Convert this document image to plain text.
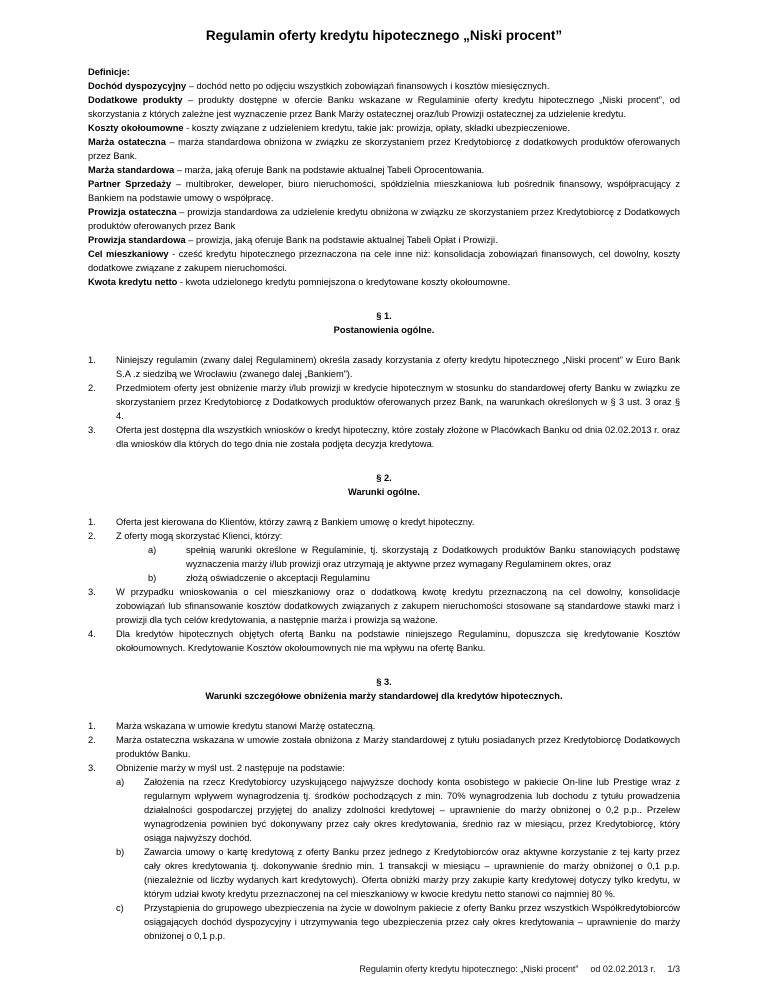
Regulamin oferty kredytu hipotecznego „Niski procent”

Definicje:

Dochód dyspozycyjny – dochód netto po odjęciu wszystkich zobowiązań finansowych i kosztów miesięcznych.

Dodatkowe produkty – produkty dostępne w ofercie Banku wskazane w Regulaminie oferty kredytu hipotecznego „Niski procent”, od skorzystania z których zależne jest wyznaczenie przez Bank Marży ostatecznej oraz/lub Prowizji ostatecznej za udzielenie kredytu.

Koszty okołoumowne - koszty związane z udzieleniem kredytu, takie jak: prowizja, opłaty, składki ubezpieczeniowe.

Marża ostateczna – marża standardowa obniżona w związku ze skorzystaniem przez Kredytobiorcę z dodatkowych produktów oferowanych przez Bank.

Marża standardowa – marża, jaką oferuje Bank na podstawie aktualnej Tabeli Oprocentowania.

Partner Sprzedaży – multibroker, deweloper, biuro nieruchomości, spółdzielnia mieszkaniowa lub pośrednik finansowy, współpracujący z Bankiem na podstawie umowy o współpracę.

Prowizja ostateczna – prowizja standardowa za udzielenie kredytu obniżona w związku ze skorzystaniem przez Kredytobiorcę z Dodatkowych produktów oferowanych przez Bank

Prowizja standardowa – prowizja, jaką oferuje Bank na podstawie aktualnej Tabeli Opłat i Prowizji.

Cel mieszkaniowy - cześć kredytu hipotecznego przeznaczona na cele inne niż: konsolidacja zobowiązań finansowych, cel dowolny, koszty dodatkowe związane z zakupem nieruchomości.

Kwota kredytu netto - kwota udzielonego kredytu pomniejszona o kredytowane koszty okołoumowne.

§ 1.
Postanowienia ogólne.
1. Niniejszy regulamin (zwany dalej Regulaminem) określa zasady korzystania z oferty kredytu hipotecznego „Niski procent” w Euro Bank S.A .z siedzibą we Wrocławiu (zwanego dalej „Bankiem”).
2. Przedmiotem oferty jest obniżenie marży i/lub prowizji w kredycie hipotecznym w stosunku do standardowej oferty Banku w związku ze skorzystaniem przez Kredytobiorcę z Dodatkowych produktów oferowanych przez Bank, na warunkach określonych w § 3 ust. 3 oraz § 4.
3. Oferta jest dostępna dla wszystkich wniosków o kredyt hipoteczny, które zostały złożone w Placówkach Banku od dnia 02.02.2013 r. oraz dla wniosków dla których do tego dnia nie została podjęta decyzja kredytowa.
§ 2.
Warunki ogólne.
1. Oferta jest kierowana do Klientów, którzy zawrą z Bankiem umowę o kredyt hipoteczny.
2. Z oferty mogą skorzystać Klienci, którzy:
a)	spełnią warunki określone w Regulaminie, tj. skorzystają z Dodatkowych produktów Banku stanowiących podstawę wyznaczenia marży i/lub prowizji oraz utrzymają je aktywne przez wymagany Regulaminem okres, oraz
b)	złożą oświadczenie o akceptacji Regulaminu
3. W przypadku wnioskowania o cel mieszkaniowy oraz o dodatkową kwotę kredytu przeznaczoną na cel dowolny, konsolidacje zobowiązań lub sfinansowanie kosztów dodatkowych związanych z zakupem nieruchomości stosowane są standardowe stawki marż i prowizji dla tych celów kredytowania, a następnie marża i prowizja są ważone.
4. Dla kredytów hipotecznych objętych ofertą Banku na podstawie niniejszego Regulaminu, dopuszcza się kredytowanie Kosztów okołoumownych. Kredytowanie Kosztów okołoumownych nie ma wpływu na ofertę Banku.
§ 3.
Warunki szczegółowe obniżenia marży standardowej dla kredytów hipotecznych.
1. Marża wskazana w umowie kredytu stanowi Marżę ostateczną.
2. Marża ostateczna wskazana w umowie została obniżona z Marży standardowej z tytułu posiadanych przez Kredytobiorcę Dodatkowych produktów Banku.
3. Obniżenie marży w myśl ust. 2 następuje na podstawie:
a) Założenia na rzecz Kredytobiorcy uzyskującego najwyższe dochody konta osobistego w pakiecie On-line lub Prestige wraz z regularnym wpływem wynagrodzenia tj. środków pochodzących z min. 70% wynagrodzenia lub dochodu z tytułu prowadzenia działalności gospodarczej przyjętej do analizy zdolności kredytowej – uprawnienie do marży obniżonej o 0,2 p.p.. Przelew wynagrodzenia powinien być dokonywany przez cały okres kredytowania, średnio raz w miesiącu, przez Kredytobiorcę, który osiąga najwyższy dochód.
b) Zawarcia umowy o kartę kredytową z oferty Banku przez jednego z Kredytobiorców oraz aktywne korzystanie z tej karty przez cały okres kredytowania tj. dokonywanie średnio min. 1 transakcji w miesiącu – uprawnienie do marży obniżonej o 0,1 p.p. (niezależnie od liczby wydanych kart kredytowych). Oferta obniżki marży przy zakupie karty kredytowej dotyczy tylko kredytu, w którym udział kwoty kredytu przeznaczonej na cel mieszkaniowy w kwocie kredytu netto stanowi co najmniej 80 %.
c) Przystąpienia do grupowego ubezpieczenia na życie w dowolnym pakiecie z oferty Banku przez wszystkich Współkredytobiorców osiągających dochód dyspozycyjny i utrzymywania tego ubezpieczenia przez cały okres kredytowania – uprawnienie do marży obniżonej o 0,1 p.p.
Regulamin oferty kredytu hipotecznego: „Niski procent” od 02.02.2013 r. 1/3
